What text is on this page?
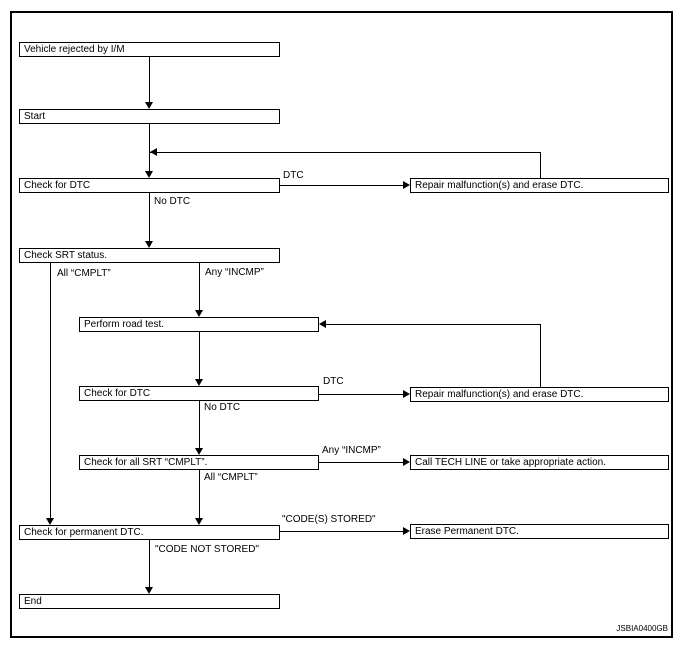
Vehicle rejected by I/M
Start
Check for DTC	Repair malfunction(s) and erase DTC.
Check SRT status.
Perform road test.
Check for DTC	Repair malfunction(s) and erase DTC.
Check for all SRT “CMPLT”.	Call TECH LINE or take appropriate action.
Check for permanent DTC.	Erase Permanent DTC.
End
DTC
No DTC
All “CMPLT”	Any “INCMP”
DTC
No DTC
Any “INCMP”
All “CMPLT”
"CODE(S) STORED"
"CODE NOT STORED"
JSBIA0400GB
